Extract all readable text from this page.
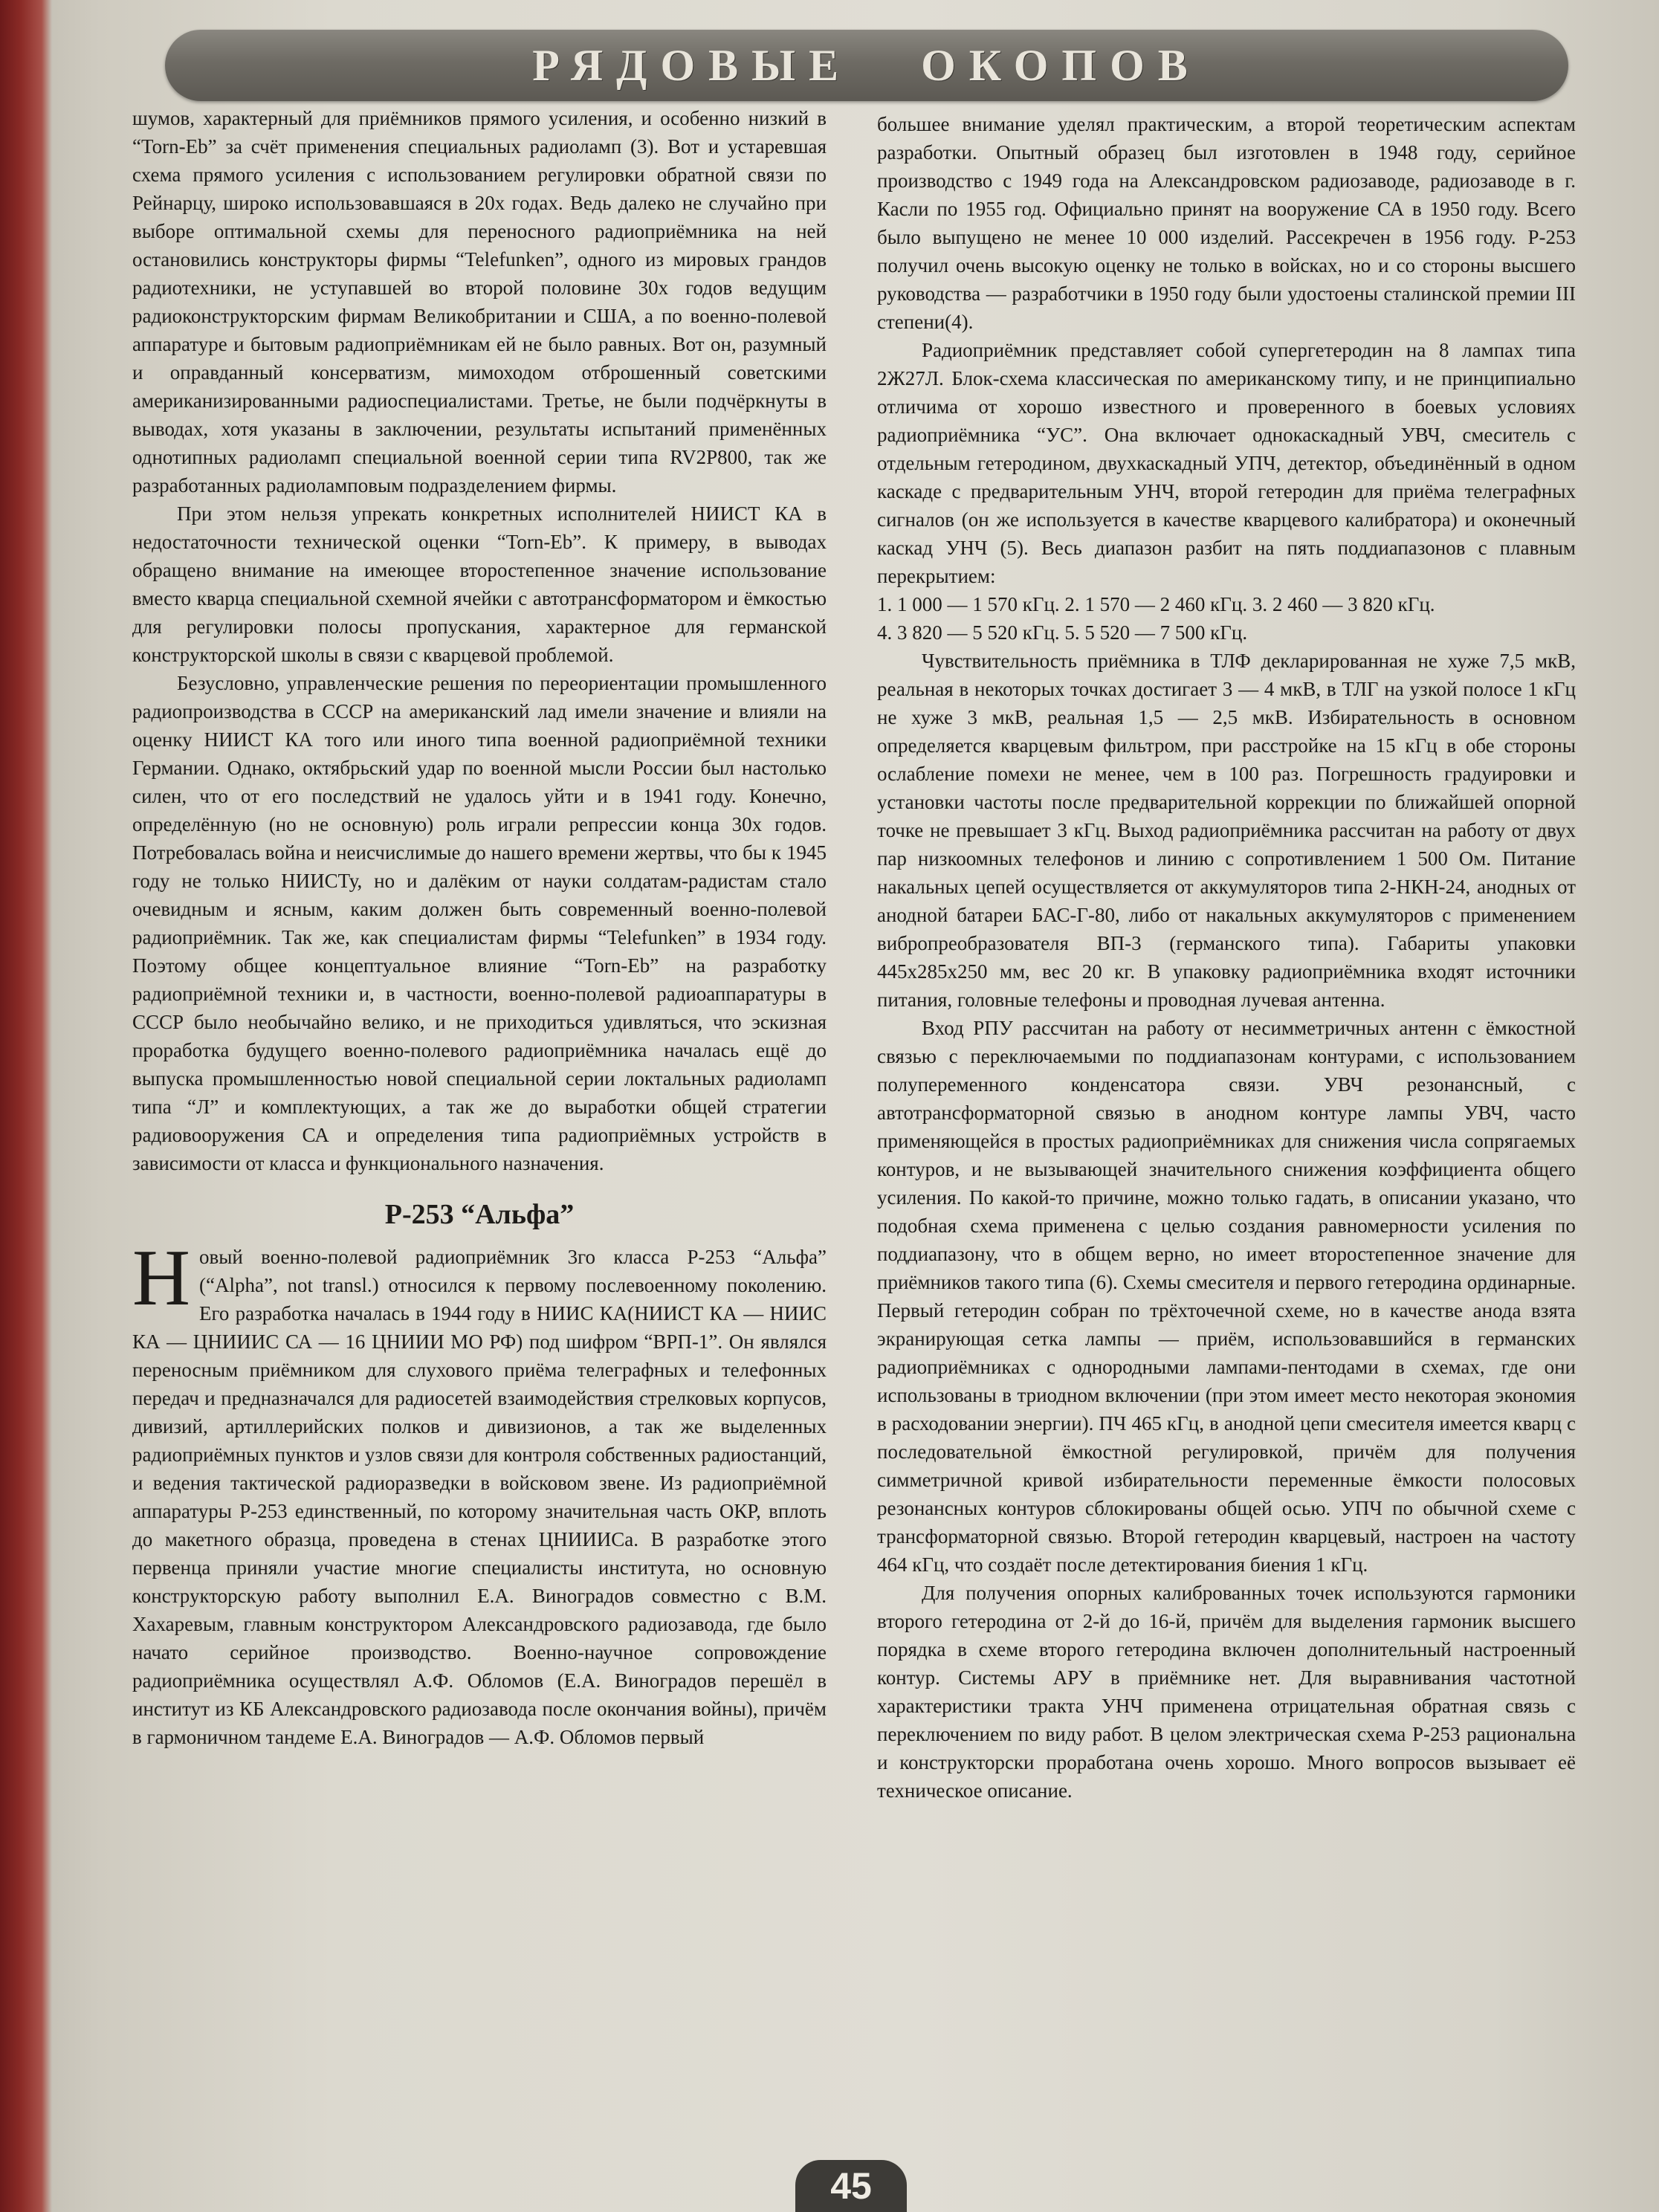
РЯДОВЫЕ ОКОПОВ

шумов, характерный для приёмников прямого усиления, и особенно низкий в “Torn-Eb” за счёт применения специальных радиоламп (3). Вот и устаревшая схема прямого усиления с использованием регулировки обратной связи по Рейнарцу, широко использовавшаяся в 20х годах. Ведь далеко не случайно при выборе оптимальной схемы для переносного радиоприёмника на ней остановились конструкторы фирмы “Telefunken”, одного из мировых грандов радиотехники, не уступавшей во второй половине 30х годов ведущим радиоконструкторским фирмам Великобритании и США, а по военно-полевой аппаратуре и бытовым радиоприёмникам ей не было равных. Вот он, разумный и оправданный консерватизм, мимоходом отброшенный советскими американизированными радиоспециалистами. Третье, не были подчёркнуты в выводах, хотя указаны в заключении, результаты испытаний применённых однотипных радиоламп специальной военной серии типа RV2P800, так же разработанных радиоламповым подразделением фирмы.

При этом нельзя упрекать конкретных исполнителей НИИСТ КА в недостаточности технической оценки “Torn-Eb”. К примеру, в выводах обращено внимание на имеющее второстепенное значение использование вместо кварца специальной схемной ячейки с автотрансформатором и ёмкостью для регулировки полосы пропускания, характерное для германской конструкторской школы в связи с кварцевой проблемой.

Безусловно, управленческие решения по переориентации промышленного радиопроизводства в СССР на американский лад имели значение и влияли на оценку НИИСТ КА того или иного типа военной радиоприёмной техники Германии. Однако, октябрьский удар по военной мысли России был настолько силен, что от его последствий не удалось уйти и в 1941 году. Конечно, определённую (но не основную) роль играли репрессии конца 30х годов. Потребовалась война и неисчислимые до нашего времени жертвы, что бы к 1945 году не только НИИСТу, но и далёким от науки солдатам-радистам стало очевидным и ясным, каким должен быть современный военно-полевой радиоприёмник. Так же, как специалистам фирмы “Telefunken” в 1934 году. Поэтому общее концептуальное влияние “Torn-Eb” на разработку радиоприёмной техники и, в частности, военно-полевой радиоаппаратуры в СССР было необычайно велико, и не приходиться удивляться, что эскизная проработка будущего военно-полевого радиоприёмника началась ещё до выпуска промышленностью новой специальной серии локтальных радиоламп типа “Л” и комплектующих, а так же до выработки общей стратегии радиовооружения СА и определения типа радиоприёмных устройств в зависимости от класса и функционального назначения.

Р-253 “Альфа”

Новый военно-полевой радиоприёмник 3го класса Р-253 “Альфа” (“Alpha”, not transl.) относился к первому послевоенному поколению. Его разработка началась в 1944 году в НИИС КА(НИИСТ КА — НИИС КА — ЦНИИИС СА — 16 ЦНИИИ МО РФ) под шифром “ВРП-1”. Он являлся переносным приёмником для слухового приёма телеграфных и телефонных передач и предназначался для радиосетей взаимодействия стрелковых корпусов, дивизий, артиллерийских полков и дивизионов, а так же выделенных радиоприёмных пунктов и узлов связи для контроля собственных радиостанций, и ведения тактической радиоразведки в войсковом звене. Из радиоприёмной аппаратуры Р-253 единственный, по которому значительная часть ОКР, вплоть до макетного образца, проведена в стенах ЦНИИИСа. В разработке этого первенца приняли участие многие специалисты института, но основную конструкторскую работу выполнил Е.А. Виноградов совместно с В.М. Хахаревым, главным конструктором Александровского радиозавода, где было начато серийное производство. Военно-научное сопровождение радиоприёмника осуществлял А.Ф. Обломов (Е.А. Виноградов перешёл в институт из КБ Александровского радиозавода после окончания войны), причём в гармоничном тандеме Е.А. Виноградов — А.Ф. Обломов первый

большее внимание уделял практическим, а второй теоретическим аспектам разработки. Опытный образец был изготовлен в 1948 году, серийное производство с 1949 года на Александровском радиозаводе, радиозаводе в г. Касли по 1955 год. Официально принят на вооружение СА в 1950 году. Всего было выпущено не менее 10 000 изделий. Рассекречен в 1956 году. Р-253 получил очень высокую оценку не только в войсках, но и со стороны высшего руководства — разработчики в 1950 году были удостоены сталинской премии III степени(4).

Радиоприёмник представляет собой супергетеродин на 8 лампах типа 2Ж27Л. Блок-схема классическая по американскому типу, и не принципиально отличима от хорошо известного и проверенного в боевых условиях радиоприёмника “УС”. Она включает однокаскадный УВЧ, смеситель с отдельным гетеродином, двухкаскадный УПЧ, детектор, объединённый в одном каскаде с предварительным УНЧ, второй гетеродин для приёма телеграфных сигналов (он же используется в качестве кварцевого калибратора) и оконечный каскад УНЧ (5). Весь диапазон разбит на пять поддиапазонов с плавным перекрытием:

1. 1 000 — 1 570 кГц. 2. 1 570 — 2 460 кГц. 3. 2 460 — 3 820 кГц.

4. 3 820 — 5 520 кГц. 5. 5 520 — 7 500 кГц.

Чувствительность приёмника в ТЛФ декларированная не хуже 7,5 мкВ, реальная в некоторых точках достигает 3 — 4 мкВ, в ТЛГ на узкой полосе 1 кГц не хуже 3 мкВ, реальная 1,5 — 2,5 мкВ. Избирательность в основном определяется кварцевым фильтром, при расстройке на 15 кГц в обе стороны ослабление помехи не менее, чем в 100 раз. Погрешность градуировки и установки частоты после предварительной коррекции по ближайшей опорной точке не превышает 3 кГц. Выход радиоприёмника рассчитан на работу от двух пар низкоомных телефонов и линию с сопротивлением 1 500 Ом. Питание накальных цепей осуществляется от аккумуляторов типа 2-НКН-24, анодных от анодной батареи БАС-Г-80, либо от накальных аккумуляторов с применением вибропреобразователя ВП-3 (германского типа). Габариты упаковки 445х285х250 мм, вес 20 кг. В упаковку радиоприёмника входят источники питания, головные телефоны и проводная лучевая антенна.

Вход РПУ рассчитан на работу от несимметричных антенн с ёмкостной связью с переключаемыми по поддиапазонам контурами, с использованием полупеременного конденсатора связи. УВЧ резонансный, с автотрансформаторной связью в анодном контуре лампы УВЧ, часто применяющейся в простых радиоприёмниках для снижения числа сопрягаемых контуров, и не вызывающей значительного снижения коэффициента общего усиления. По какой-то причине, можно только гадать, в описании указано, что подобная схема применена с целью создания равномерности усиления по поддиапазону, что в общем верно, но имеет второстепенное значение для приёмников такого типа (6). Схемы смесителя и первого гетеродина ординарные. Первый гетеродин собран по трёхточечной схеме, но в качестве анода взята экранирующая сетка лампы — приём, использовавшийся в германских радиоприёмниках с однородными лампами-пентодами в схемах, где они использованы в триодном включении (при этом имеет место некоторая экономия в расходовании энергии). ПЧ 465 кГц, в анодной цепи смесителя имеется кварц с последовательной ёмкостной регулировкой, причём для получения симметричной кривой избирательности переменные ёмкости полосовых резонансных контуров сблокированы общей осью. УПЧ по обычной схеме с трансформаторной связью. Второй гетеродин кварцевый, настроен на частоту 464 кГц, что создаёт после детектирования биения 1 кГц.

Для получения опорных калиброванных точек используются гармоники второго гетеродина от 2-й до 16-й, причём для выделения гармоник высшего порядка в схеме второго гетеродина включен дополнительный настроенный контур. Системы АРУ в приёмнике нет. Для выравнивания частотной характеристики тракта УНЧ применена отрицательная обратная связь с переключением по виду работ. В целом электрическая схема Р-253 рациональна и конструкторски проработана очень хорошо. Много вопросов вызывает её техническое описание.

45
